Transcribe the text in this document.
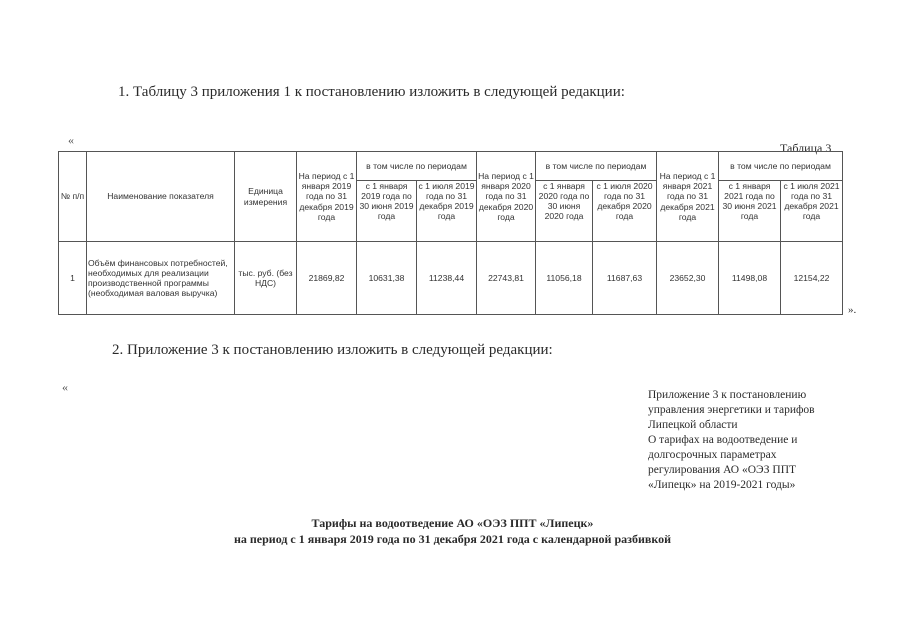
1. Таблицу 3 приложения 1 к постановлению изложить в следующей редакции:
«
Таблица 3
№ п/п	Наименование показателя	Единица измерения	На период с 1 января 2019 года по 31 декабря 2019 года	в том числе по периодам		На период с 1 января 2020 года по 31 декабря 2020 года	в том числе по периодам		На период с 1 января 2021 года по 31 декабря 2021 года	в том числе по периодам	
				с 1 января 2019 года по 30 июня 2019 года	с 1 июля 2019 года по 31 декабря 2019 года		с 1 января 2020 года по 30 июня 2020 года	с 1 июля 2020 года по 31 декабря 2020 года		с 1 января 2021 года по 30 июня 2021 года	с 1 июля 2021 года по 31 декабря 2021 года
1	Объём финансовых потребностей, необходимых для реализации производственной программы (необходимая валовая выручка)	тыс. руб. (без НДС)	21869,82	10631,38	11238,44	22743,81	11056,18	11687,63	23652,30	11498,08	12154,22
».
2. Приложение 3 к постановлению изложить в следующей редакции:
«
Приложение 3 к постановлению
управления энергетики и тарифов
Липецкой области
О тарифах на водоотведение и
долгосрочных параметрах
регулирования АО «ОЭЗ ППТ
«Липецк» на 2019-2021 годы»
Тарифы на водоотведение АО «ОЭЗ ППТ «Липецк»
на период с 1 января 2019 года по 31 декабря 2021 года с календарной разбивкой
